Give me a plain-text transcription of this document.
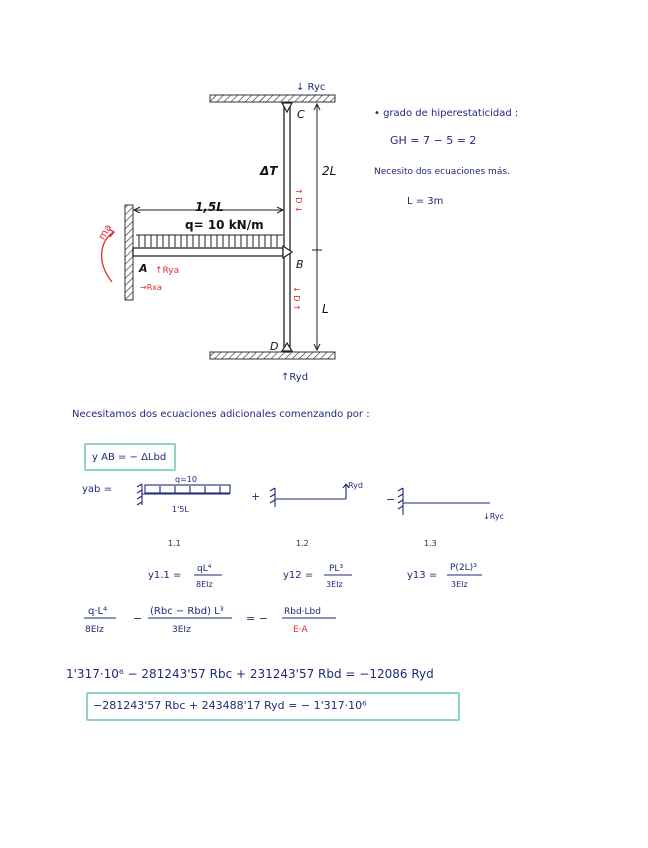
↓ Ryc
C
ΔT	2L
1,5L
q= 10 kN/m
ma
A ↑Rya
→Rxa
B
L
D
↑Ryd
↑ D ↓
↓ D ↑
• grado de hiperestaticidad :
GH = 7 − 5 = 2
Necesito dos ecuaciones más.
L = 3m
Necesitamos dos ecuaciones adicionales comenzando por :
y AB = − ΔLbd
yab =
q=10
1'5L
+
Ryd
−
↓Ryc
1.1	1.2	1.3
y1.1 =
qL⁴
8EIz
y12 =
PL³
3EIz
y13 =
P(2L)³
3EIz
q·L⁴
8EIz
−
(Rbc − Rbd) L³
3EIz
= − Rbd·Lbd
E·A
1'317·10⁶ − 281243'57 Rbc + 231243'57 Rbd = −12086 Ryd
−281243'57 Rbc + 243488'17 Ryd = − 1'317·10⁶
